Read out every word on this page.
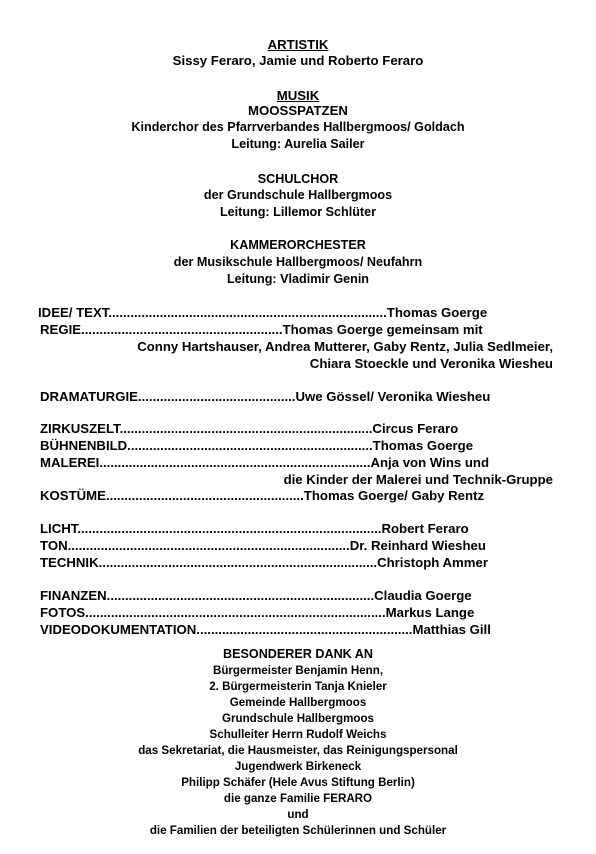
ARTISTIK
Sissy Feraro, Jamie und Roberto Feraro
MUSIK
MOOSSPATZEN
Kinderchor des Pfarrverbandes Hallbergmoos/ Goldach
Leitung: Aurelia Sailer
SCHULCHOR
der Grundschule Hallbergmoos
Leitung: Lillemor Schlüter
KAMMERORCHESTER
der Musikschule Hallbergmoos/ Neufahrn
Leitung: Vladimir Genin
IDEE/ TEXT............................................................................Thomas Goerge
REGIE.......................................................Thomas Goerge gemeinsam mit
Conny Hartshauser, Andrea Mutterer, Gaby Rentz, Julia Sedlmeier,
Chiara Stoeckle und Veronika Wiesheu
DRAMATURGIE...........................................Uwe Gössel/ Veronika Wiesheu
ZIRKUSZELT.....................................................................Circus Feraro
BÜHNENBILD...................................................................Thomas Goerge
MALEREI..........................................................................Anja von Wins und
die Kinder der Malerei und Technik-Gruppe
KOSTÜME......................................................Thomas Goerge/ Gaby Rentz
LICHT...................................................................................Robert Feraro
TON.............................................................................Dr. Reinhard Wiesheu
TECHNIK............................................................................Christoph Ammer
FINANZEN.........................................................................Claudia Goerge
FOTOS..................................................................................Markus Lange
VIDEODOKUMENTATION...........................................................Matthias Gill
BESONDERER DANK AN
Bürgermeister Benjamin Henn,
2. Bürgermeisterin Tanja Knieler
Gemeinde Hallbergmoos
Grundschule Hallbergmoos
Schulleiter Herrn Rudolf Weichs
das Sekretariat, die Hausmeister, das Reinigungspersonal
Jugendwerk Birkeneck
Philipp Schäfer (Hele Avus Stiftung Berlin)
die ganze Familie FERARO
und
die Familien der beteiligten Schülerinnen und Schüler
